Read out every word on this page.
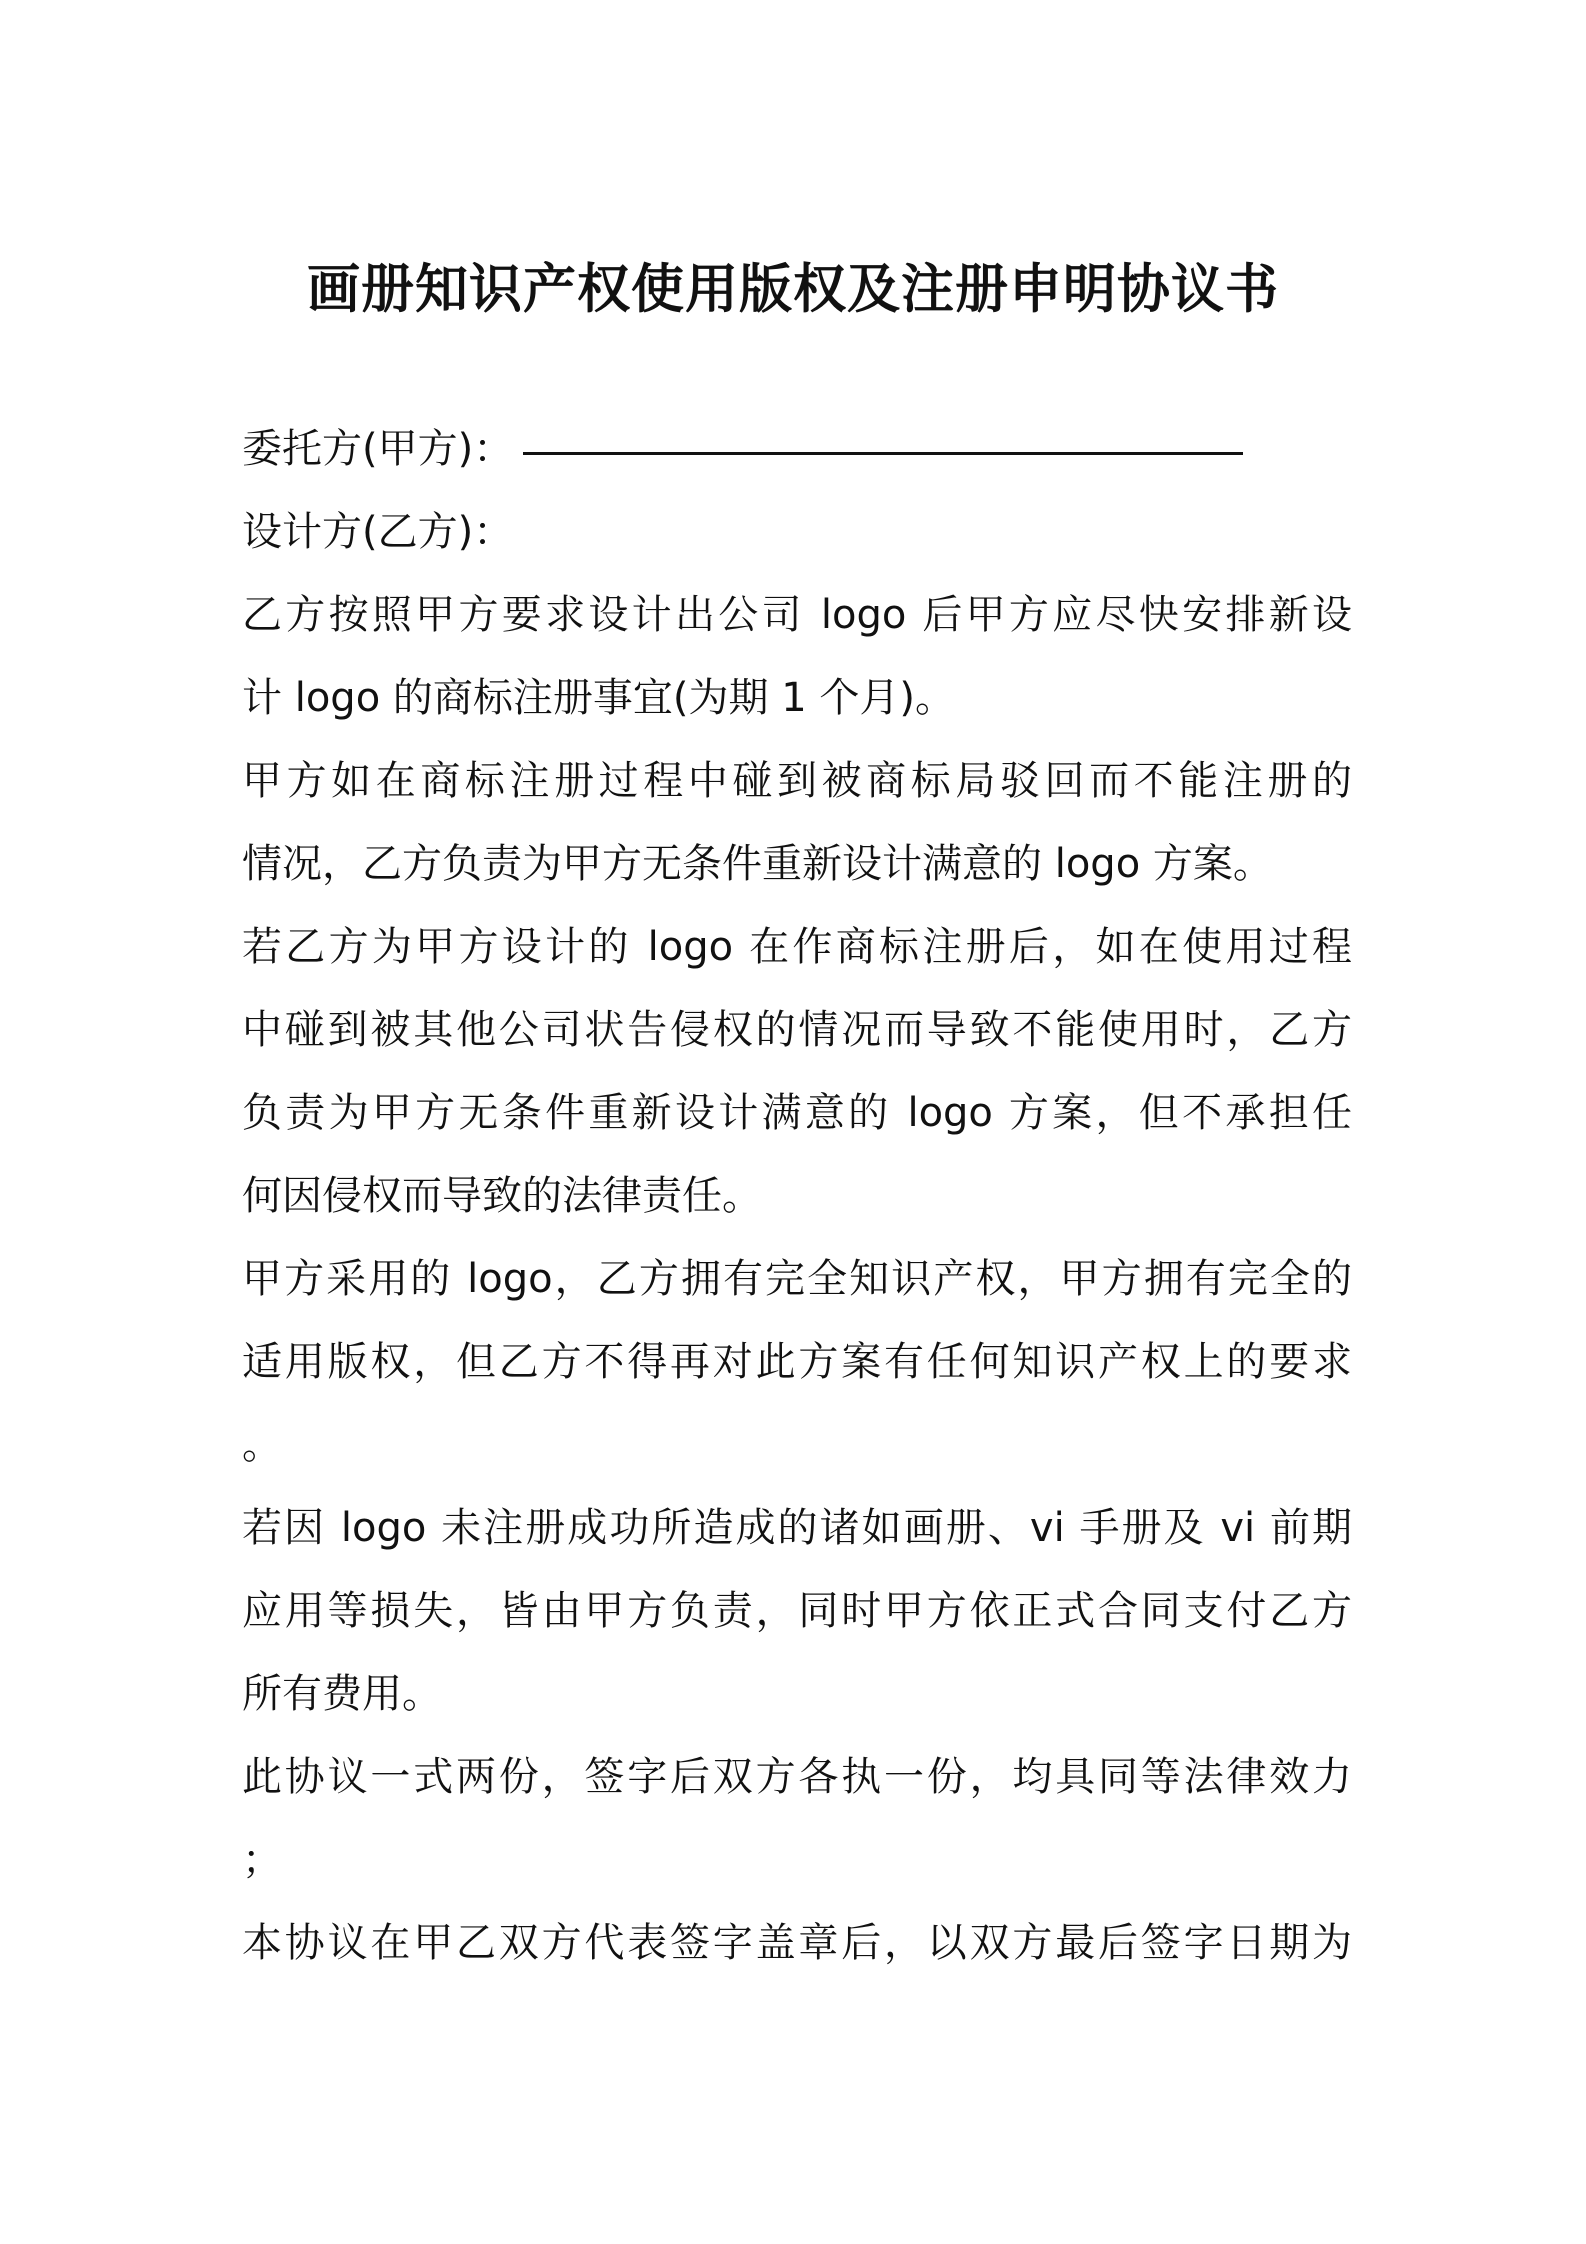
画册知识产权使用版权及注册申明协议书
委托方(甲方)：
设计方(乙方)：
乙方按照甲方要求设计出公司 logo 后甲方应尽快安排新设
计 logo 的商标注册事宜(为期 1 个月)。
甲方如在商标注册过程中碰到被商标局驳回而不能注册的
情况，乙方负责为甲方无条件重新设计满意的 logo 方案。
若乙方为甲方设计的 logo 在作商标注册后，如在使用过程
中碰到被其他公司状告侵权的情况而导致不能使用时，乙方
负责为甲方无条件重新设计满意的 logo 方案，但不承担任
何因侵权而导致的法律责任。
甲方采用的 logo，乙方拥有完全知识产权，甲方拥有完全的
适用版权，但乙方不得再对此方案有任何知识产权上的要求
。
若因 logo 未注册成功所造成的诸如画册、vi 手册及 vi 前期
应用等损失，皆由甲方负责，同时甲方依正式合同支付乙方
所有费用。
此协议一式两份，签字后双方各执一份，均具同等法律效力
；
本协议在甲乙双方代表签字盖章后，以双方最后签字日期为
